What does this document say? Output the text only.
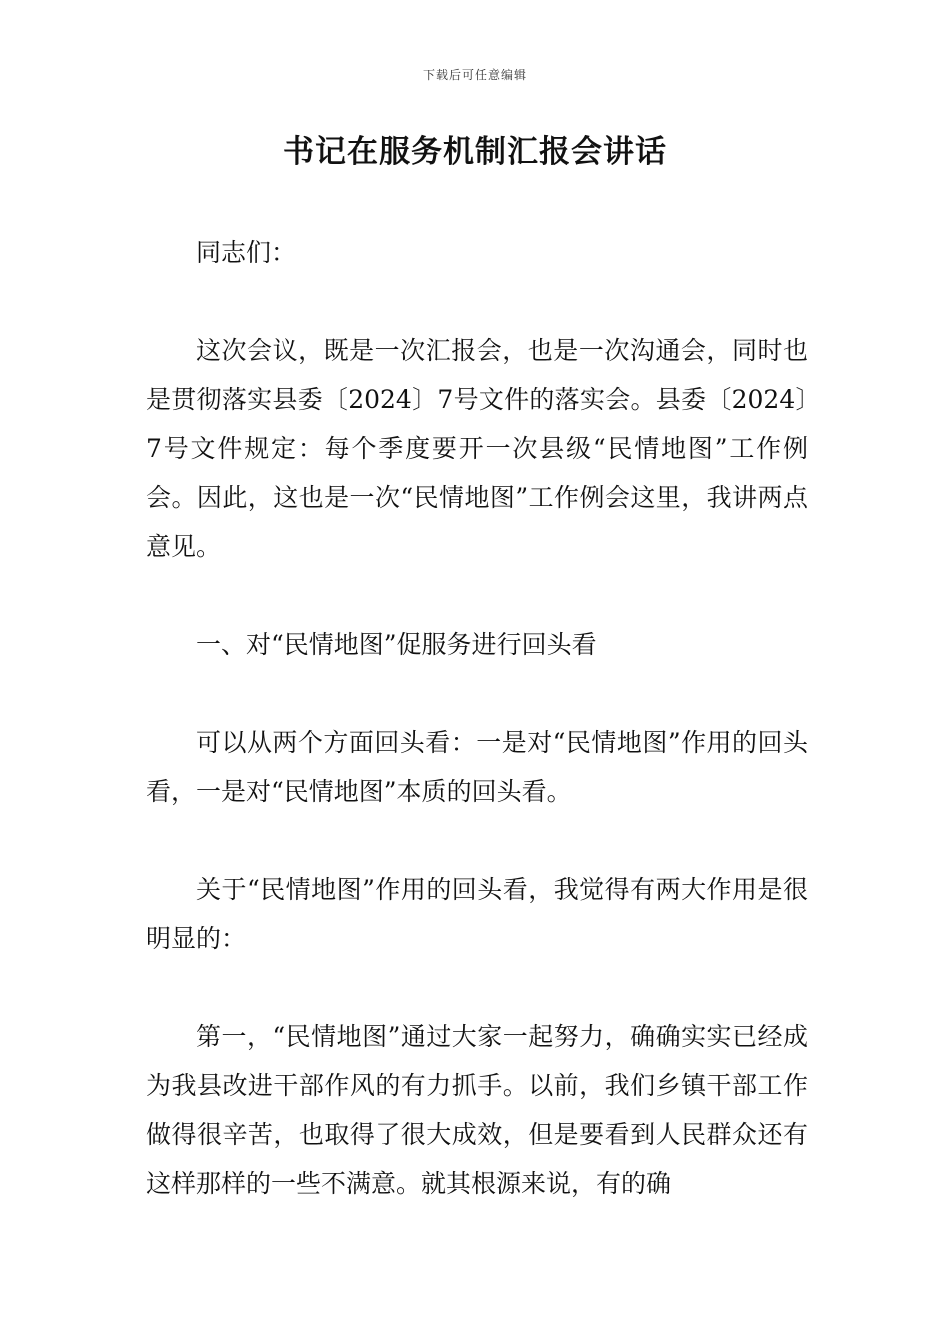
下载后可任意编辑
书记在服务机制汇报会讲话

同志们：

这次会议，既是一次汇报会，也是一次沟通会，同时也是贯彻落实县委〔2024〕7号文件的落实会。县委〔2024〕7号文件规定：每个季度要开一次县级“民情地图”工作例会。因此，这也是一次“民情地图”工作例会这里，我讲两点意见。

一、对“民情地图”促服务进行回头看

可以从两个方面回头看：一是对“民情地图”作用的回头看，一是对“民情地图”本质的回头看。

关于“民情地图”作用的回头看，我觉得有两大作用是很明显的：

第一，“民情地图”通过大家一起努力，确确实实已经成为我县改进干部作风的有力抓手。以前，我们乡镇干部工作做得很辛苦，也取得了很大成效，但是要看到人民群众还有这样那样的一些不满意。就其根源来说，有的确
